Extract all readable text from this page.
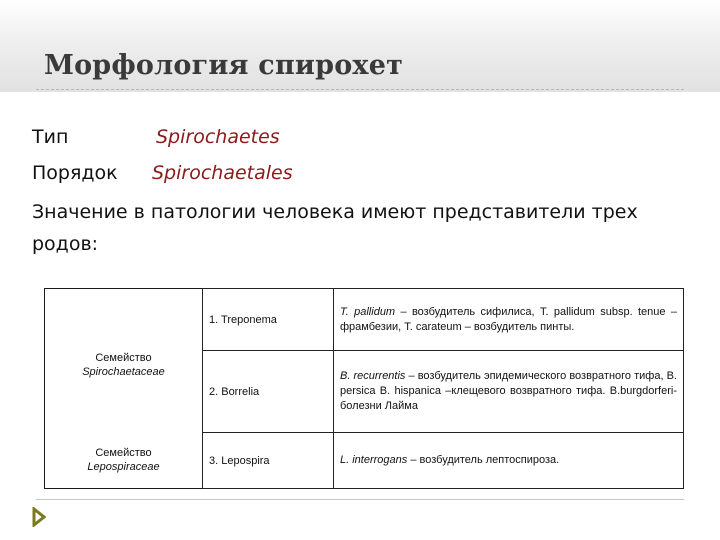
Морфология спирохет
Тип	Spirochaetes
Порядок Spirochaetales
Значение в патологии человека имеют представители трех родов:
	1. Treponema	T. pallidum – возбудитель сифилиса, T. pallidum subsp. tenue – фрамбезии, T. carateum – возбудитель пинты.
Семейство
Spirochaetaceae	2. Borrelia	B. recurrentis – возбудитель эпидемического возвратного тифа, B. persica B. hispanica –клещевого возвратного тифа. B.burgdorferi- болезни Лайма
Семейство
Lepospiraceae	3. Lepospira	L. interrogans – возбудитель лептоспироза.
